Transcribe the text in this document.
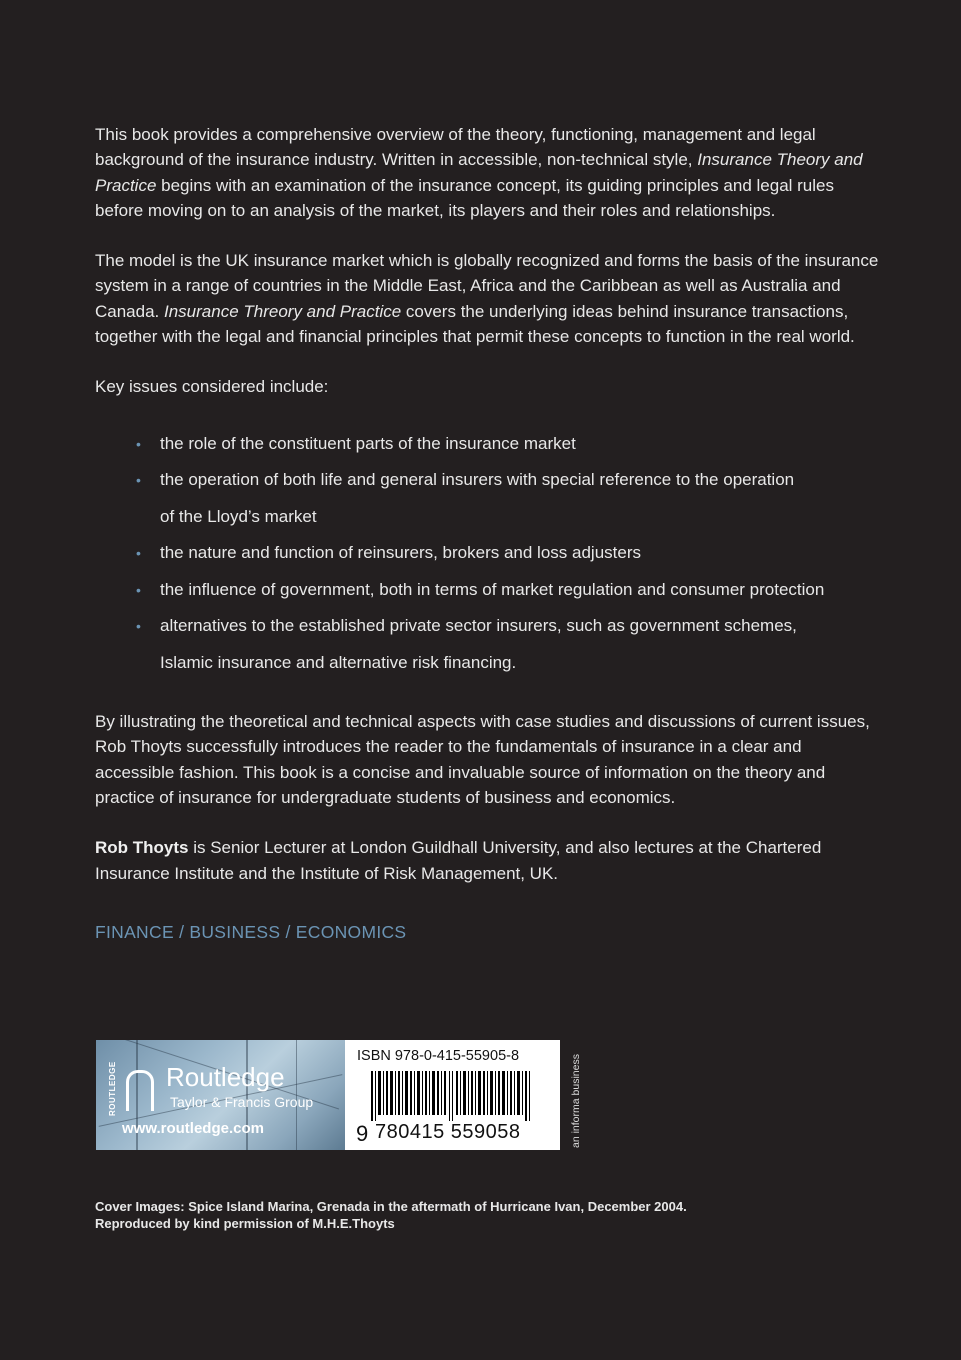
This book provides a comprehensive overview of the theory, functioning, management and legal background of the insurance industry. Written in accessible, non-technical style, Insurance Theory and Practice begins with an examination of the insurance concept, its guiding principles and legal rules before moving on to an analysis of the market, its players and their roles and relationships.

The model is the UK insurance market which is globally recognized and forms the basis of the insurance system in a range of countries in the Middle East, Africa and the Caribbean as well as Australia and Canada. Insurance Threory and Practice covers the underlying ideas behind insurance transactions, together with the legal and financial principles that permit these concepts to function in the real world.

Key issues considered include:

• the role of the constituent parts of the insurance market
• the operation of both life and general insurers with special reference to the operation
of the Lloyd’s market
• the nature and function of reinsurers, brokers and loss adjusters
• the influence of government, both in terms of market regulation and consumer protection
• alternatives to the established private sector insurers, such as government schemes,
Islamic insurance and alternative risk financing.

By illustrating the theoretical and technical aspects with case studies and discussions of current issues, Rob Thoyts successfully introduces the reader to the fundamentals of insurance in a clear and accessible fashion. This book is a concise and invaluable source of information on the theory and practice of insurance for undergraduate students of business and economics.

Rob Thoyts is Senior Lecturer at London Guildhall University, and also lectures at the Chartered Insurance Institute and the Institute of Risk Management, UK.

FINANCE / BUSINESS / ECONOMICS
ROUTLEDGE Routledge
Taylor & Francis Group
www.routledge.com
ISBN 978-0-415-55905-8
9 780415 559058	an informa business
Cover Images: Spice Island Marina, Grenada in the aftermath of Hurricane Ivan, December 2004.
Reproduced by kind permission of M.H.E.Thoyts
